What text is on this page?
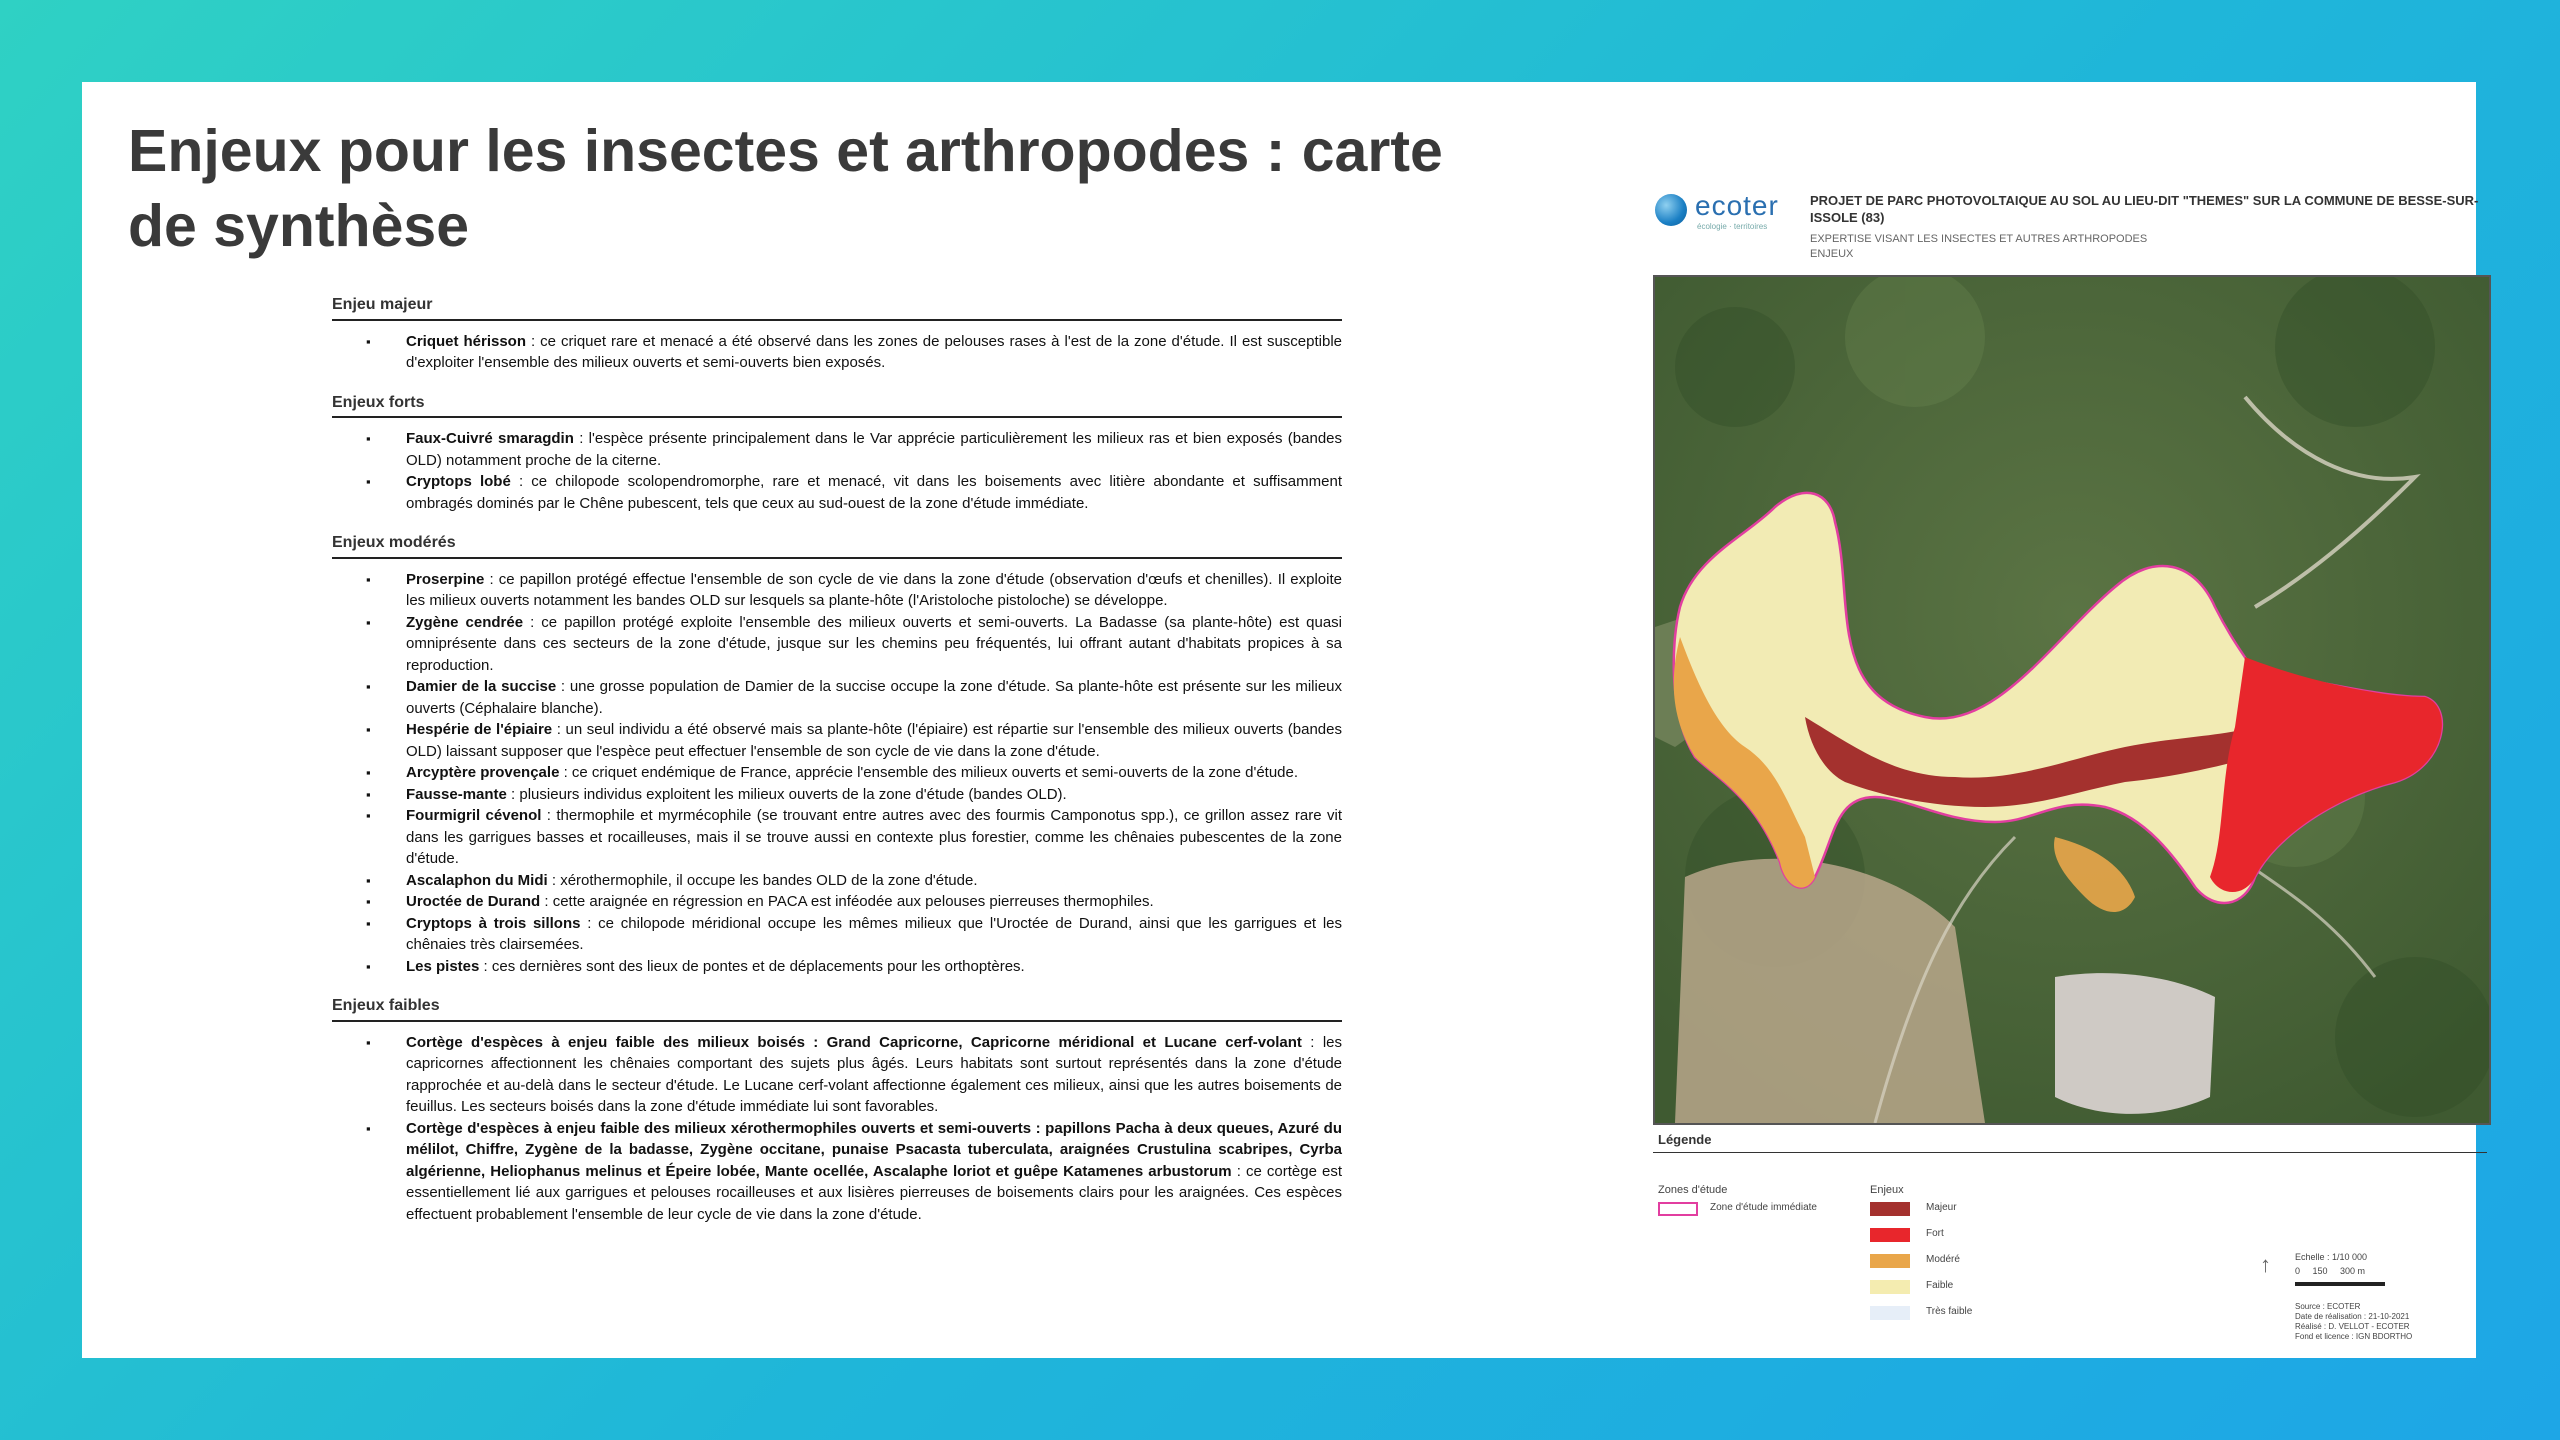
Enjeux pour les insectes et arthropodes : carte de synthèse
Enjeu majeur
▪ Criquet hérisson : ce criquet rare et menacé a été observé dans les zones de pelouses rases à l'est de la zone d'étude. Il est susceptible d'exploiter l'ensemble des milieux ouverts et semi-ouverts bien exposés.
Enjeux forts
▪ Faux-Cuivré smaragdin : l'espèce présente principalement dans le Var apprécie particulièrement les milieux ras et bien exposés (bandes OLD) notamment proche de la citerne.
▪ Cryptops lobé : ce chilopode scolopendromorphe, rare et menacé, vit dans les boisements avec litière abondante et suffisamment ombragés dominés par le Chêne pubescent, tels que ceux au sud-ouest de la zone d'étude immédiate.
Enjeux modérés
▪ Proserpine : ce papillon protégé effectue l'ensemble de son cycle de vie dans la zone d'étude (observation d'œufs et chenilles). Il exploite les milieux ouverts notamment les bandes OLD sur lesquels sa plante-hôte (l'Aristoloche pistoloche) se développe.
▪ Zygène cendrée : ce papillon protégé exploite l'ensemble des milieux ouverts et semi-ouverts. La Badasse (sa plante-hôte) est quasi omniprésente dans ces secteurs de la zone d'étude, jusque sur les chemins peu fréquentés, lui offrant autant d'habitats propices à sa reproduction.
▪ Damier de la succise : une grosse population de Damier de la succise occupe la zone d'étude. Sa plante-hôte est présente sur les milieux ouverts (Céphalaire blanche).
▪ Hespérie de l'épiaire : un seul individu a été observé mais sa plante-hôte (l'épiaire) est répartie sur l'ensemble des milieux ouverts (bandes OLD) laissant supposer que l'espèce peut effectuer l'ensemble de son cycle de vie dans la zone d'étude.
▪ Arcyptère provençale : ce criquet endémique de France, apprécie l'ensemble des milieux ouverts et semi-ouverts de la zone d'étude.
▪ Fausse-mante : plusieurs individus exploitent les milieux ouverts de la zone d'étude (bandes OLD).
▪ Fourmigril cévenol : thermophile et myrmécophile (se trouvant entre autres avec des fourmis Camponotus spp.), ce grillon assez rare vit dans les garrigues basses et rocailleuses, mais il se trouve aussi en contexte plus forestier, comme les chênaies pubescentes de la zone d'étude.
▪ Ascalaphon du Midi : xérothermophile, il occupe les bandes OLD de la zone d'étude.
▪ Uroctée de Durand : cette araignée en régression en PACA est inféodée aux pelouses pierreuses thermophiles.
▪ Cryptops à trois sillons : ce chilopode méridional occupe les mêmes milieux que l'Uroctée de Durand, ainsi que les garrigues et les chênaies très clairsemées.
▪ Les pistes : ces dernières sont des lieux de pontes et de déplacements pour les orthoptères.
Enjeux faibles
▪ Cortège d'espèces à enjeu faible des milieux boisés : Grand Capricorne, Capricorne méridional et Lucane cerf-volant : les capricornes affectionnent les chênaies comportant des sujets plus âgés. Leurs habitats sont surtout représentés dans la zone d'étude rapprochée et au-delà dans le secteur d'étude. Le Lucane cerf-volant affectionne également ces milieux, ainsi que les autres boisements de feuillus. Les secteurs boisés dans la zone d'étude immédiate lui sont favorables.
▪ Cortège d'espèces à enjeu faible des milieux xérothermophiles ouverts et semi-ouverts : papillons Pacha à deux queues, Azuré du mélilot, Chiffre, Zygène de la badasse, Zygène occitane, punaise Psacasta tuberculata, araignées Crustulina scabripes, Cyrba algérienne, Heliophanus melinus et Épeire lobée, Mante ocellée, Ascalaphe loriot et guêpe Katamenes arbustorum : ce cortège est essentiellement lié aux garrigues et pelouses rocailleuses et aux lisières pierreuses de boisements clairs pour les araignées. Ces espèces effectuent probablement l'ensemble de leur cycle de vie dans la zone d'étude.
ecoter
écologie · territoires
PROJET DE PARC PHOTOVOLTAIQUE AU SOL AU LIEU-DIT "THEMES" SUR LA COMMUNE DE BESSE-SUR-ISSOLE (83)
EXPERTISE VISANT LES INSECTES ET AUTRES ARTHROPODES
ENJEUX
Légende
Zones d'étude
Zone d'étude immédiate
Enjeux
Majeur
Fort
Modéré
Faible
Très faible
Echelle : 1/10 000
0     150     300 m
↑
Source : ECOTER
Date de réalisation : 21-10-2021
Réalisé : D. VELLOT - ECOTER
Fond et licence : IGN BDORTHO
